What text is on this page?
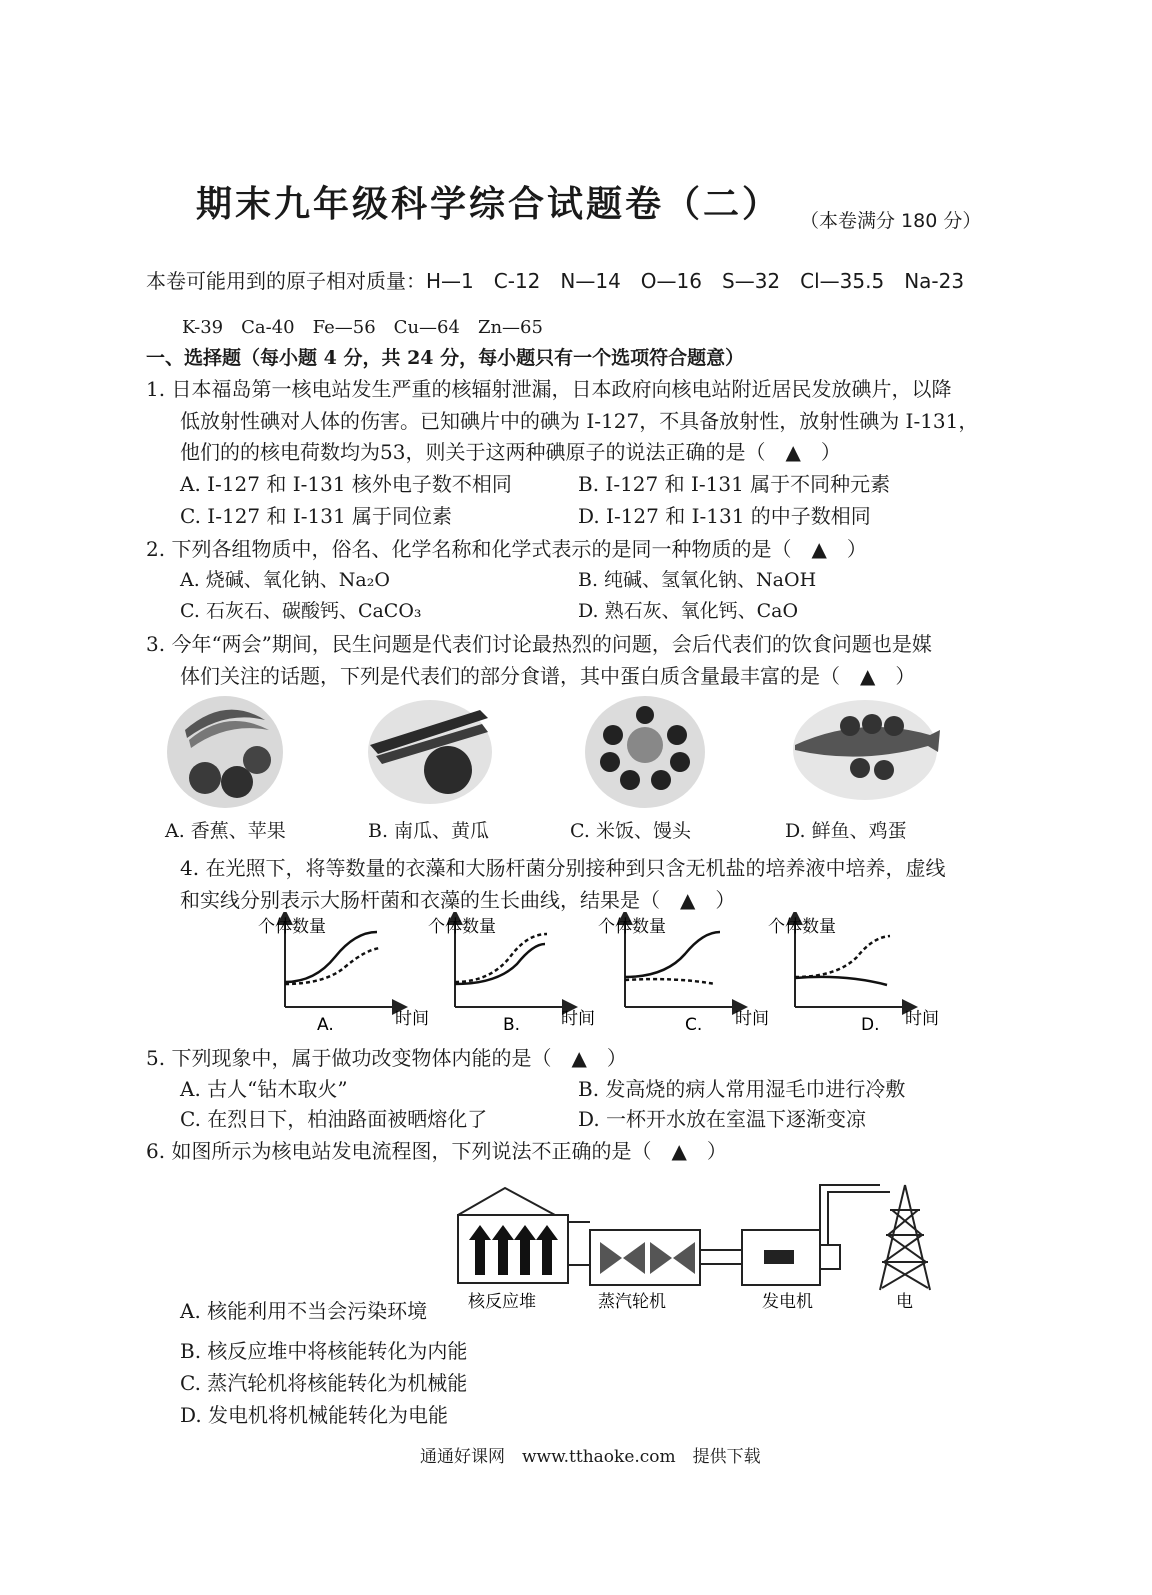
期末九年级科学综合试题卷（二） （本卷满分 180 分）
本卷可能用到的原子相对质量：H—1　C-12　N—14　O—16　S—32　Cl—35.5　Na-23
K-39　Ca-40　Fe—56　Cu—64　Zn—65
一、选择题（每小题 4 分，共 24 分，每小题只有一个选项符合题意）
1. 日本福岛第一核电站发生严重的核辐射泄漏，日本政府向核电站附近居民发放碘片，以降
低放射性碘对人体的伤害。已知碘片中的碘为 I-127，不具备放射性，放射性碘为 I-131，
他们的的核电荷数均为53，则关于这两种碘原子的说法正确的是（　▲　）
A. I-127 和 I-131 核外电子数不相同	B. I-127 和 I-131 属于不同种元素
C. I-127 和 I-131 属于同位素	D. I-127 和 I-131 的中子数相同
2. 下列各组物质中，俗名、化学名称和化学式表示的是同一种物质的是（　▲　）
A. 烧碱、氧化钠、Na₂O	B. 纯碱、氢氧化钠、NaOH
C. 石灰石、碳酸钙、CaCO₃	D. 熟石灰、氧化钙、CaO
3. 今年“两会”期间，民生问题是代表们讨论最热烈的问题，会后代表们的饮食问题也是媒
体们关注的话题，下列是代表们的部分食谱，其中蛋白质含量最丰富的是（　▲　）
A. 香蕉、苹果	B. 南瓜、黄瓜	C. 米饭、馒头	D. 鲜鱼、鸡蛋
4. 在光照下，将等数量的衣藻和大肠杆菌分别接种到只含无机盐的培养液中培养，虚线
和实线分别表示大肠杆菌和衣藻的生长曲线，结果是（　▲　）
个体数量
时间
A.
个体数量
时间
B.
个体数量
时间
C.
个体数量
时间
D.
5. 下列现象中，属于做功改变物体内能的是（　▲　）
A. 古人“钻木取火”	B. 发高烧的病人常用湿毛巾进行冷敷
C. 在烈日下，柏油路面被晒熔化了	D. 一杯开水放在室温下逐渐变凉
6. 如图所示为核电站发电流程图，下列说法不正确的是（　▲　）
核反应堆	蒸汽轮机	发电机	电
A. 核能利用不当会污染环境
B. 核反应堆中将核能转化为内能
C. 蒸汽轮机将核能转化为机械能
D. 发电机将机械能转化为电能
通通好课网　www.tthaoke.com　提供下载
